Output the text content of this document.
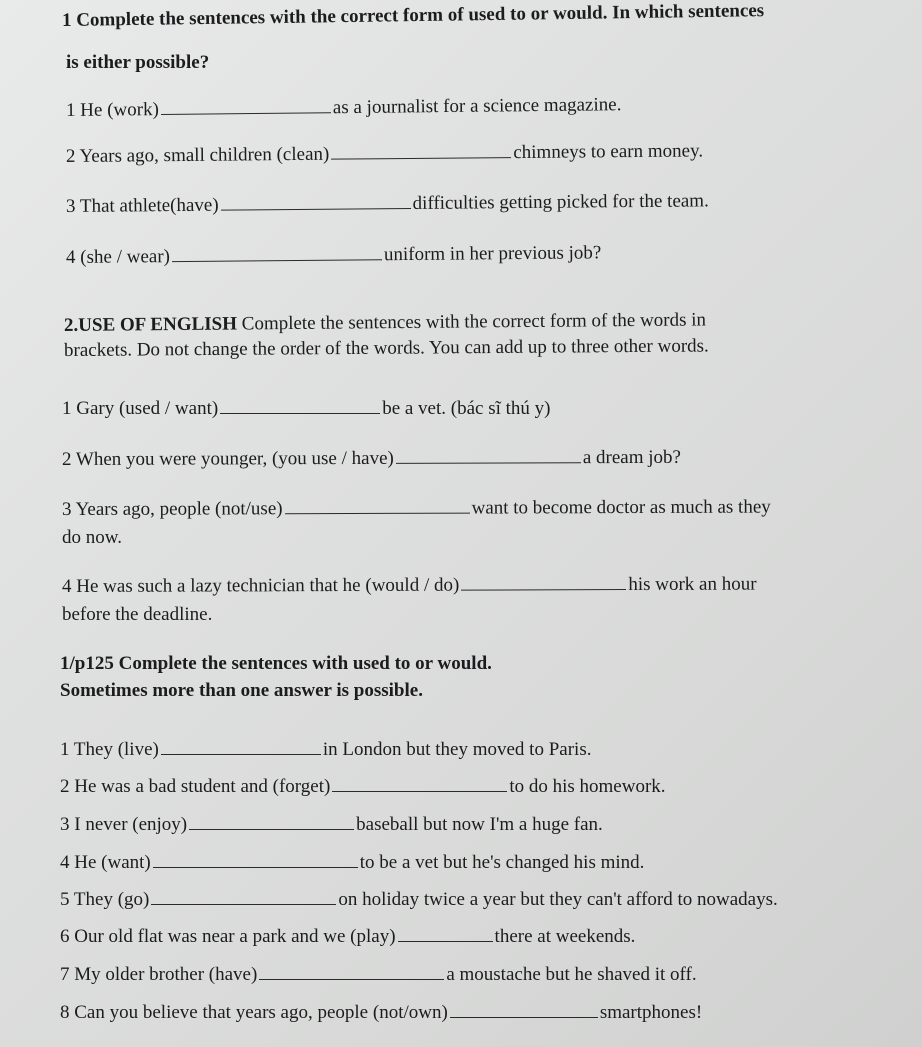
1 Complete the sentences with the correct form of used to or would. In which sentences
is either possible?
1 He (work)	as a journalist for a science magazine.
2 Years ago, small children (clean)	chimneys to earn money.
3 That athlete(have)	difficulties getting picked for the team.
4 (she / wear)	uniform in her previous job?
2.USE OF ENGLISH Complete the sentences with the correct form of the words in
brackets. Do not change the order of the words. You can add up to three other words.
1 Gary (used / want)	be a vet. (bác sĩ thú y)
2 When you were younger, (you use / have)	a dream job?
3 Years ago, people (not/use)	want to become doctor as much as they
do now.
4 He was such a lazy technician that he (would / do)	his work an hour
before the deadline.
1/p125 Complete the sentences with used to or would.
Sometimes more than one answer is possible.
1 They (live)	in London but they moved to Paris.
2 He was a bad student and (forget)	to do his homework.
3 I never (enjoy)	baseball but now I'm a huge fan.
4 He (want)	to be a vet but he's changed his mind.
5 They (go)	on holiday twice a year but they can't afford to nowadays.
6 Our old flat was near a park and we (play)	there at weekends.
7 My older brother (have)	a moustache but he shaved it off.
8 Can you believe that years ago, people (not/own)	smartphones!
